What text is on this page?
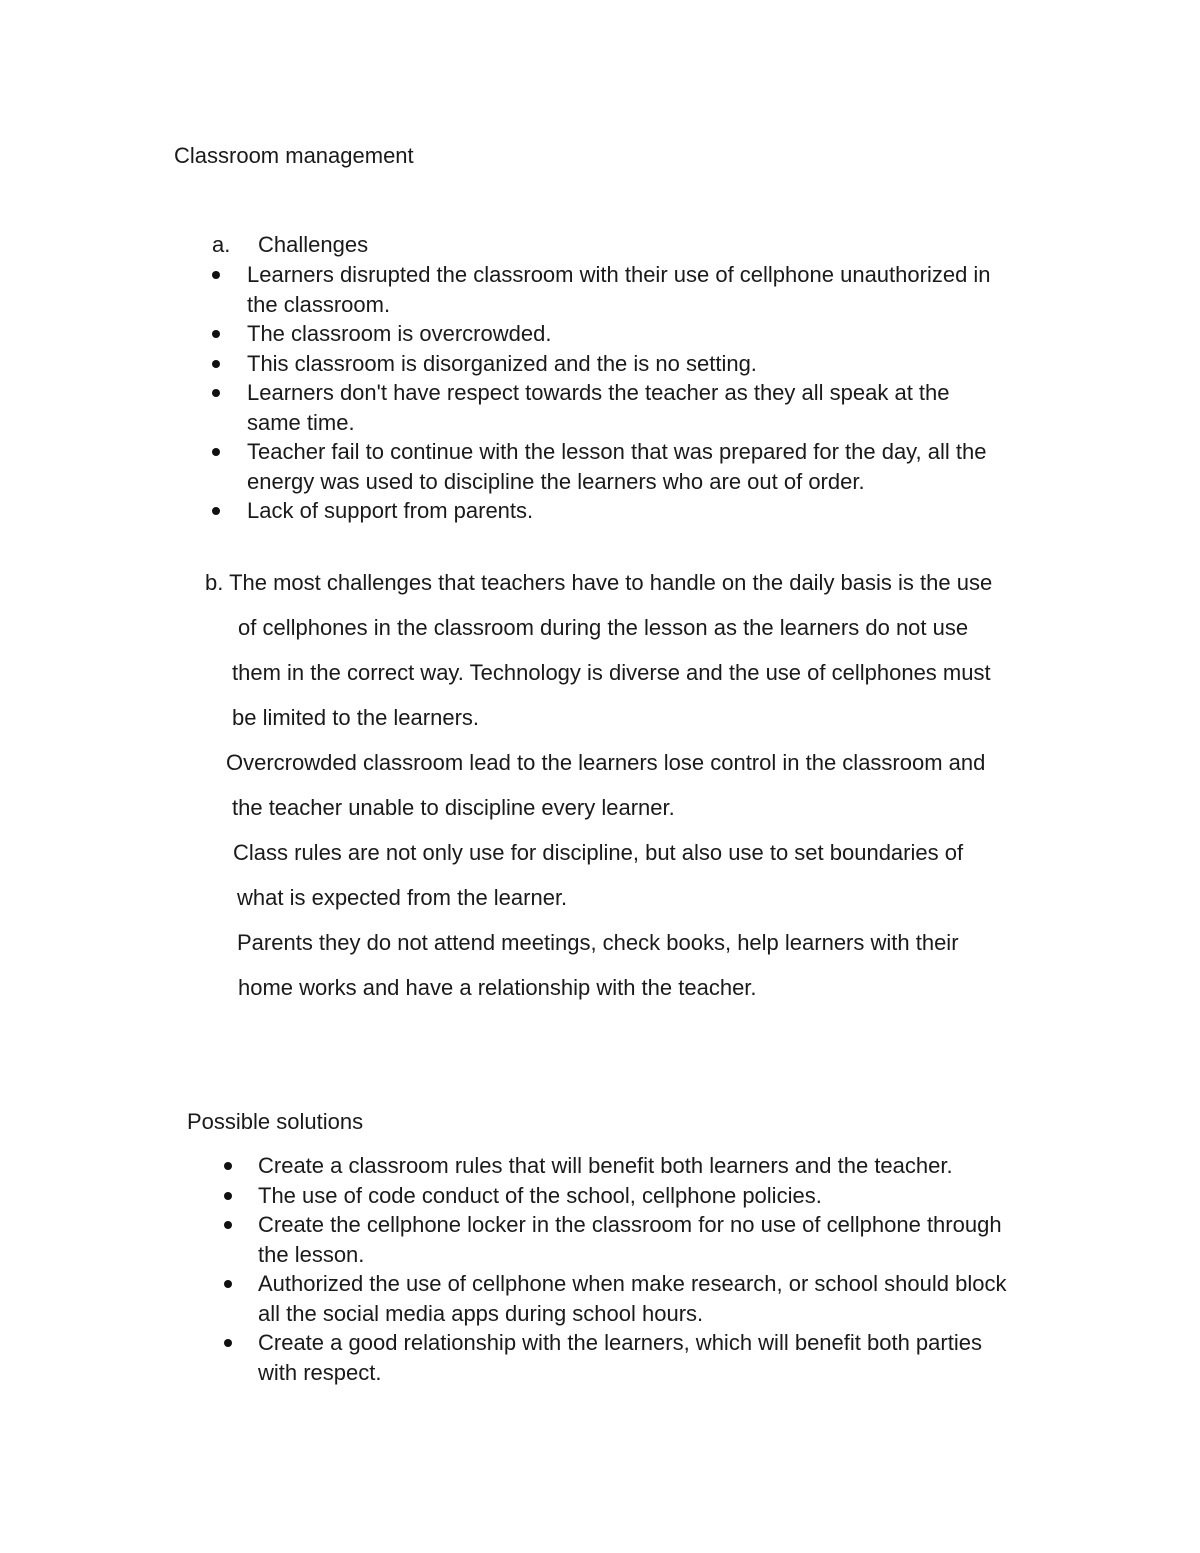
Classroom management

a. Challenges
Learners disrupted the classroom with their use of cellphone unauthorized in
the classroom.
The classroom is overcrowded.
This classroom is disorganized and the is no setting.
Learners don't have respect towards the teacher as they all speak at the
same time.
Teacher fail to continue with the lesson that was prepared for the day, all the
energy was used to discipline the learners who are out of order.
Lack of support from parents.
b. The most challenges that teachers have to handle on the daily basis is the use
of cellphones in the classroom during the lesson as the learners do not use
them in the correct way. Technology is diverse and the use of cellphones must
be limited to the learners.
Overcrowded classroom lead to the learners lose control in the classroom and
the teacher unable to discipline every learner.
Class rules are not only use for discipline, but also use to set boundaries of
what is expected from the learner.
Parents they do not attend meetings, check books, help learners with their
home works and have a relationship with the teacher.

Possible solutions

Create a classroom rules that will benefit both learners and the teacher.
The use of code conduct of the school, cellphone policies.
Create the cellphone locker in the classroom for no use of cellphone through
the lesson.
Authorized the use of cellphone when make research, or school should block
all the social media apps during school hours.
Create a good relationship with the learners, which will benefit both parties
with respect.
